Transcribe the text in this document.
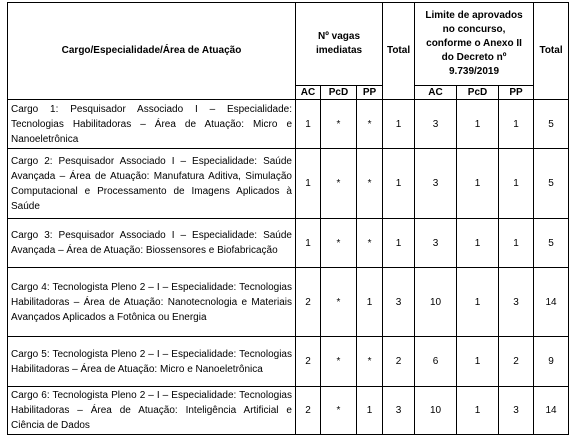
Cargo/Especialidade/Área de Atuação	Nº vagas imediatas			Total	Limite de aprovados no concurso, conforme o Anexo II do Decreto nº 9.739/2019			Total
	AC	PcD	PP		AC	PcD	PP	
Cargo 1: Pesquisador Associado I – Especialidade: Tecnologias Habilitadoras – Área de Atuação: Micro e Nanoeletrônica	1	*	*	1	3	1	1	5
Cargo 2: Pesquisador Associado I – Especialidade: Saúde Avançada – Área de Atuação: Manufatura Aditiva, Simulação Computacional e Processamento de Imagens Aplicados à Saúde	1	*	*	1	3	1	1	5
Cargo 3: Pesquisador Associado I – Especialidade: Saúde Avançada – Área de Atuação: Biossensores e Biofabricação	1	*	*	1	3	1	1	5
Cargo 4: Tecnologista Pleno 2 – I – Especialidade: Tecnologias Habilitadoras – Área de Atuação: Nanotecnologia e Materiais Avançados Aplicados a Fotônica ou Energia	2	*	1	3	10	1	3	14
Cargo 5: Tecnologista Pleno 2 – I – Especialidade: Tecnologias Habilitadoras – Área de Atuação: Micro e Nanoeletrônica	2	*	*	2	6	1	2	9
Cargo 6: Tecnologista Pleno 2 – I – Especialidade: Tecnologias Habilitadoras – Área de Atuação: Inteligência Artificial e Ciência de Dados	2	*	1	3	10	1	3	14
